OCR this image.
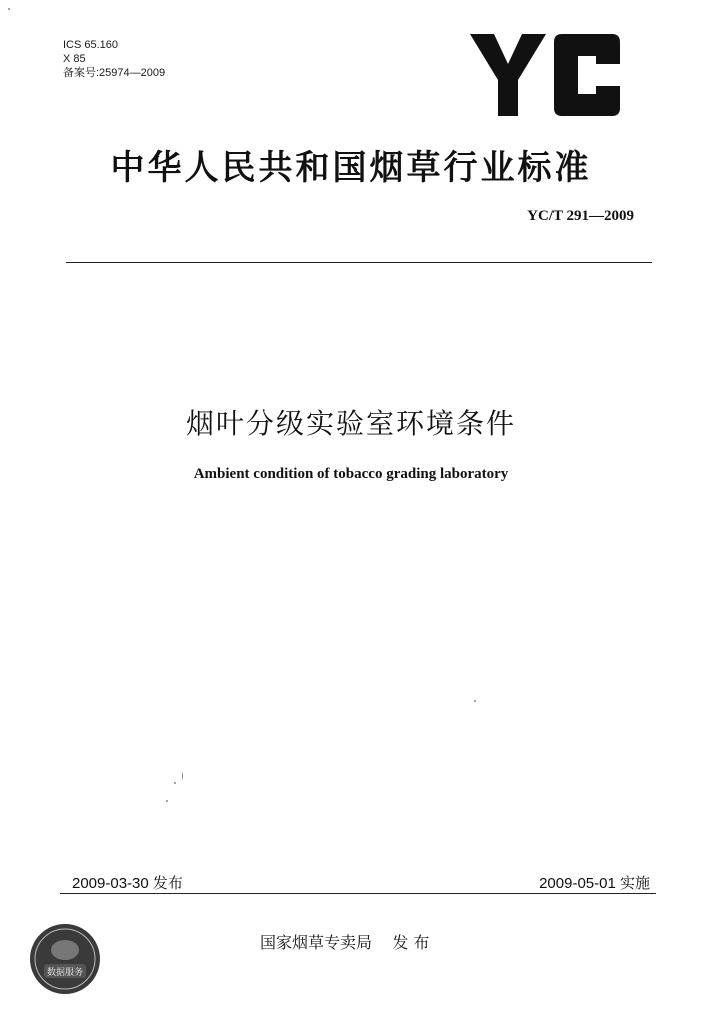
ICS 65.160
X 85
备案号:25974—2009
中华人民共和国烟草行业标准
YC/T 291—2009
烟叶分级实验室环境条件
Ambient condition of tobacco grading laboratory
2009-03-30 发布	2009-05-01 实施
国家烟草专卖局    发 布
数据服务
